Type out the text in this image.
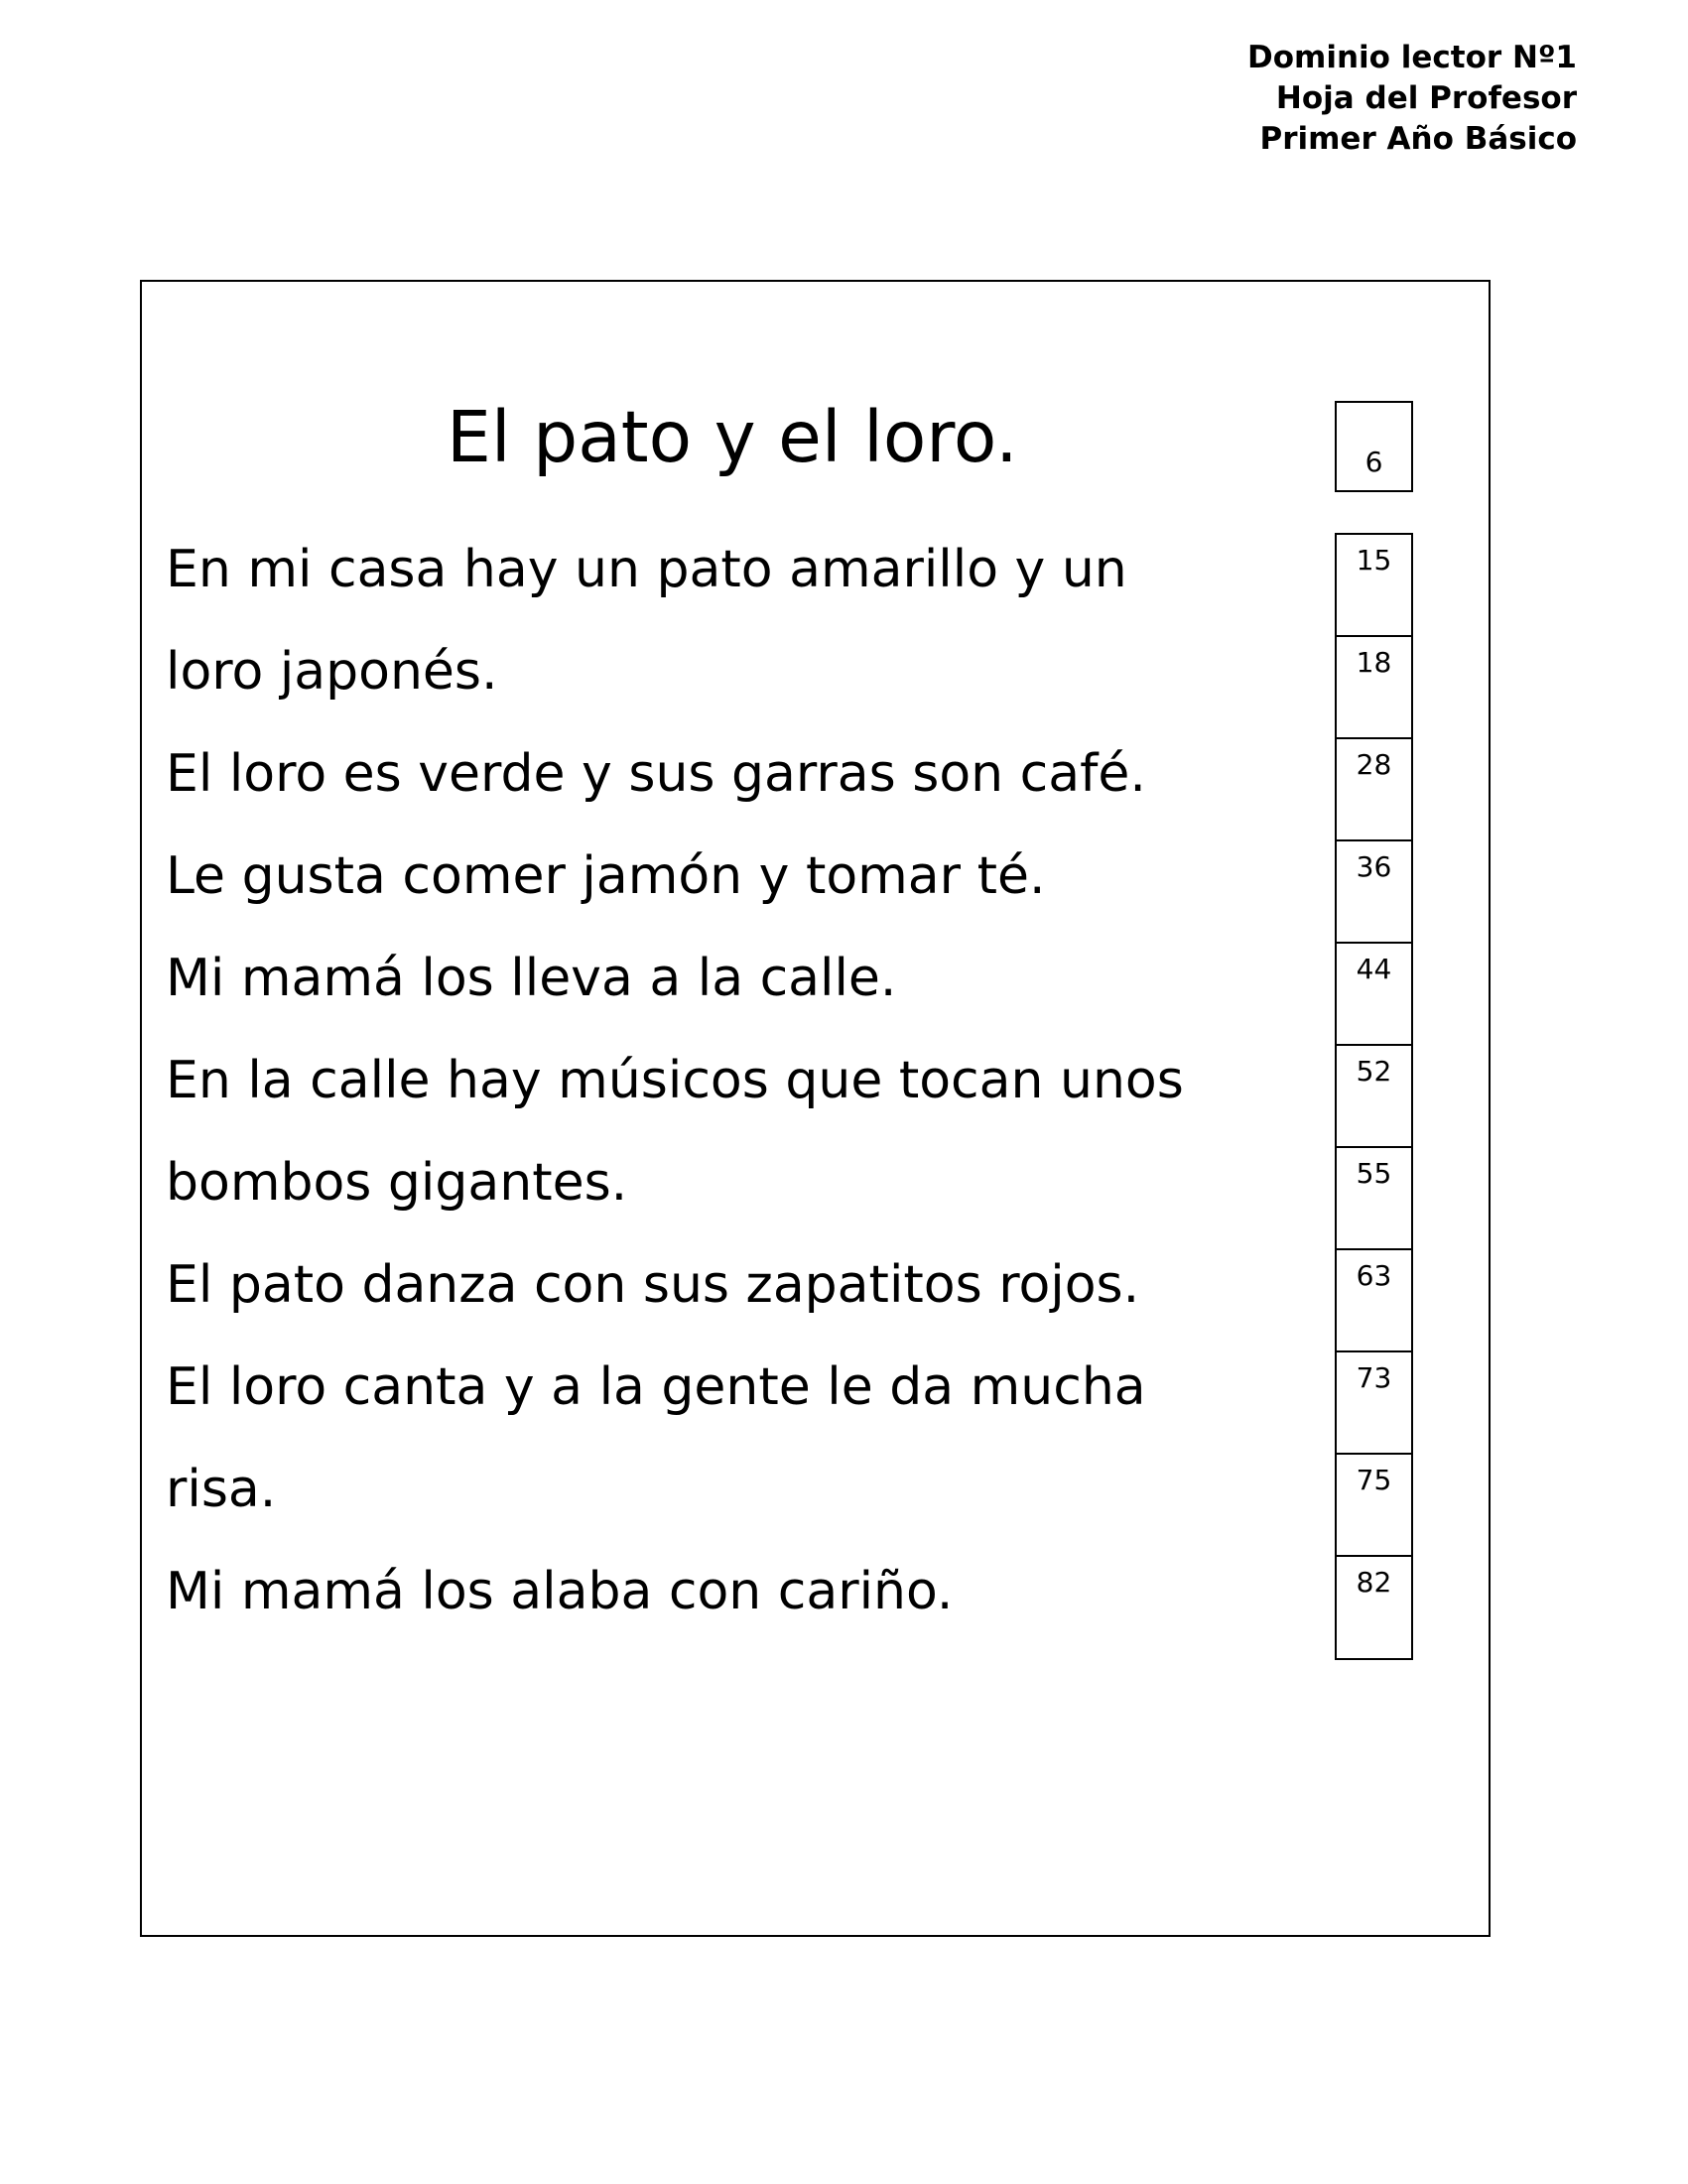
Dominio lector Nº1
Hoja del Profesor
Primer Año Básico
El pato y el loro.	6
En mi casa hay un pato amarillo y un
loro japonés.
El loro es verde y sus garras son café.
Le gusta comer jamón y tomar té.
Mi mamá los lleva a la calle.
En la calle hay músicos que tocan unos
bombos gigantes.
El pato danza con sus zapatitos rojos.
El loro canta y a la gente le da mucha
risa.
Mi mamá los alaba con cariño.
15
18
28
36
44
52
55
63
73
75
82
